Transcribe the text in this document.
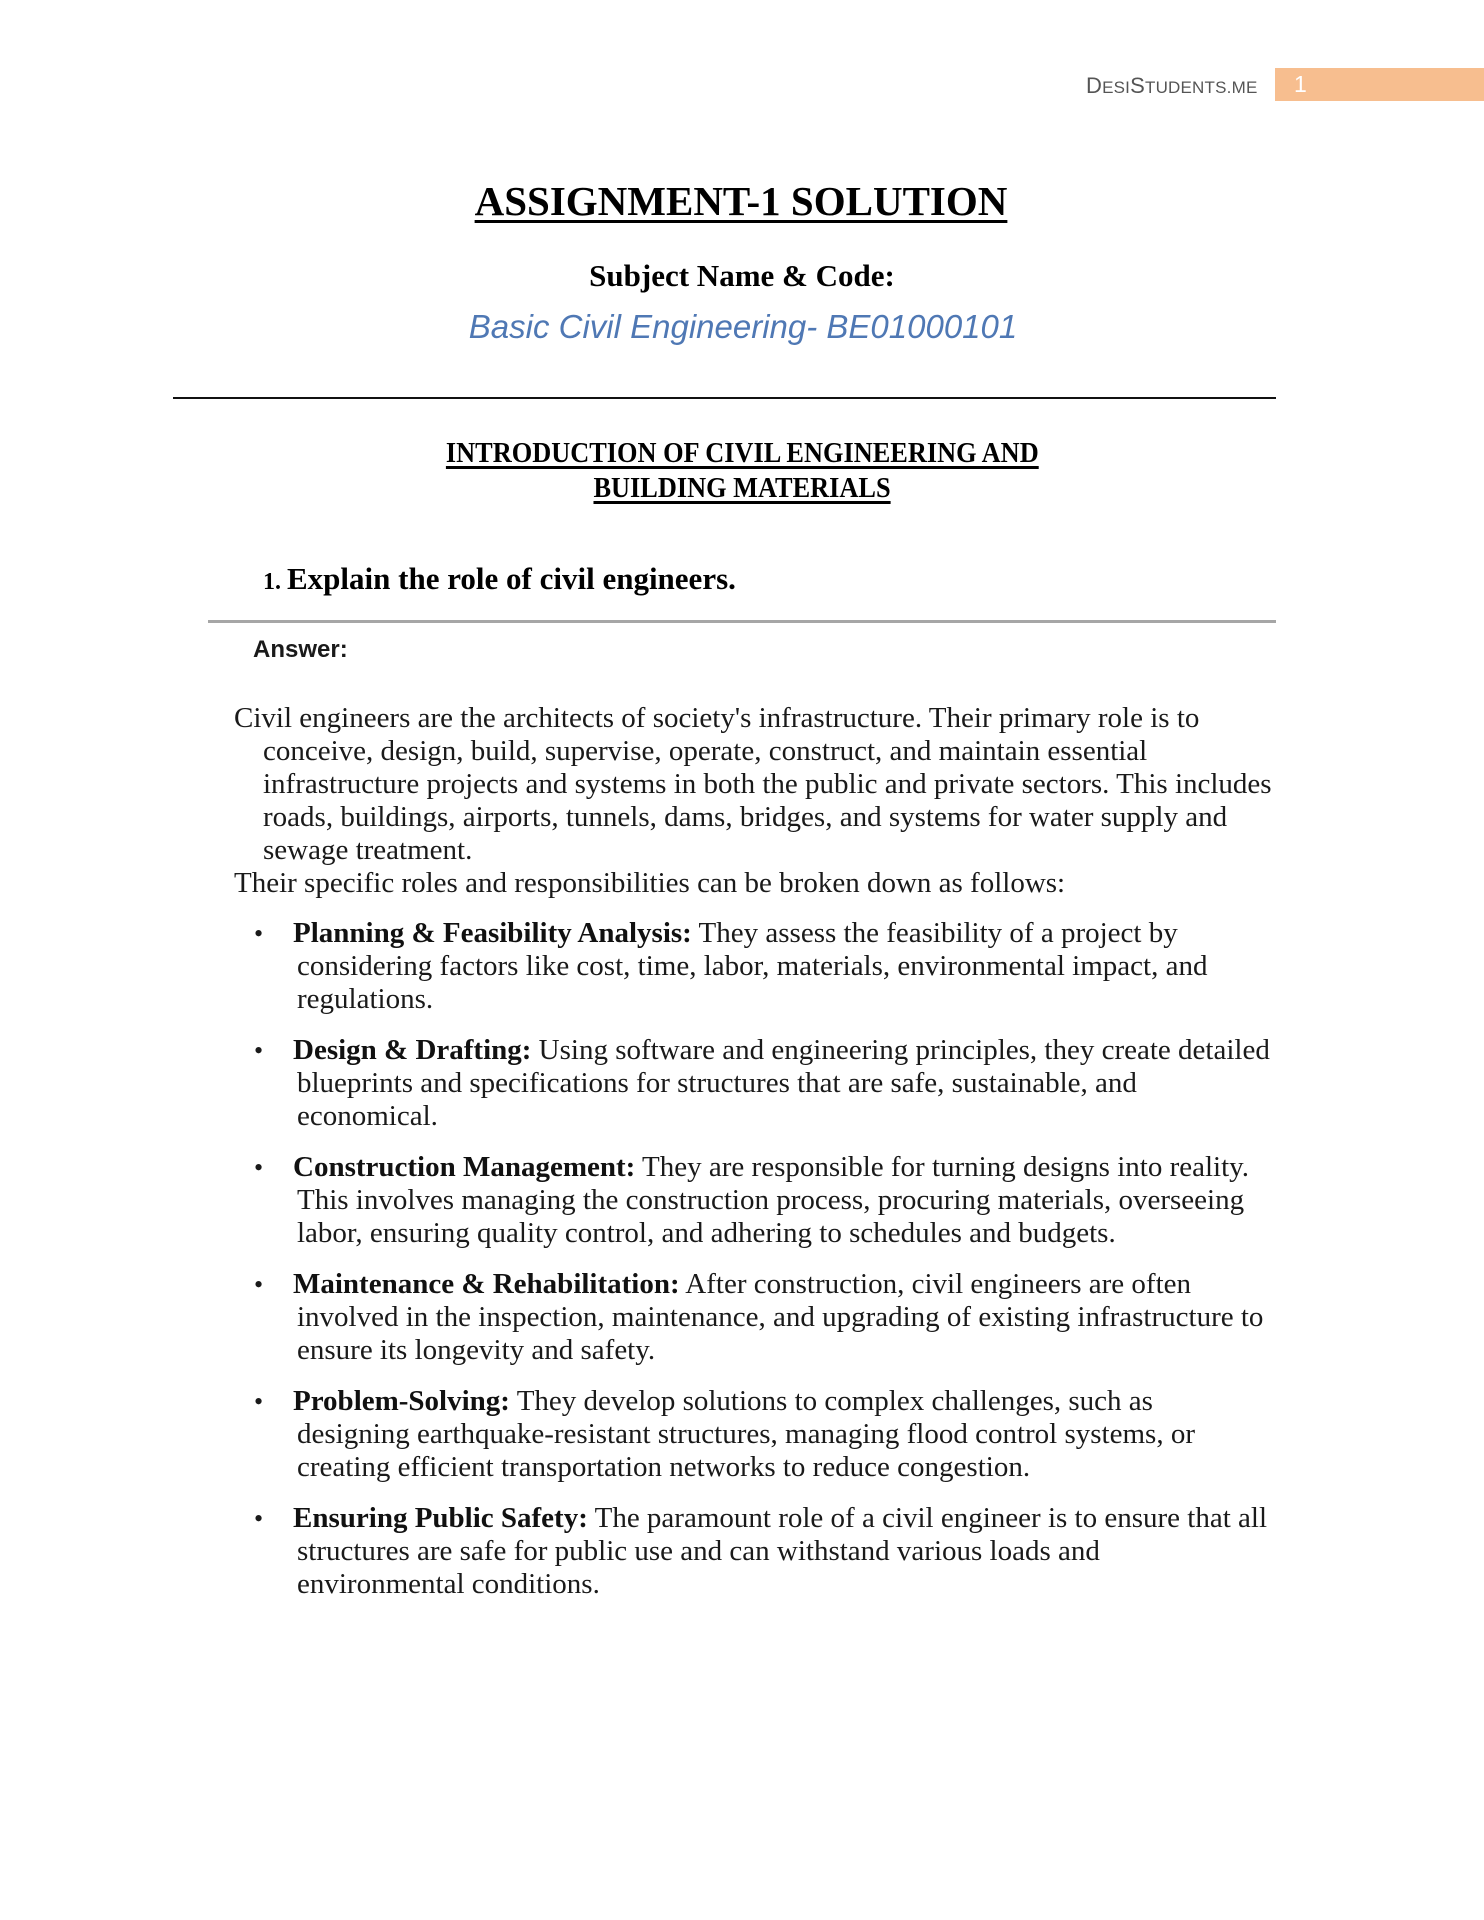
DESISTUDENTS.ME 1
ASSIGNMENT-1 SOLUTION
Subject Name & Code:
Basic Civil Engineering- BE01000101
INTRODUCTION OF CIVIL ENGINEERING AND
BUILDING MATERIALS
1. Explain the role of civil engineers.
Answer:
Civil engineers are the architects of society's infrastructure. Their primary role is to
conceive, design, build, supervise, operate, construct, and maintain essential
infrastructure projects and systems in both the public and private sectors. This includes
roads, buildings, airports, tunnels, dams, bridges, and systems for water supply and
sewage treatment.
Their specific roles and responsibilities can be broken down as follows:
• Planning & Feasibility Analysis: They assess the feasibility of a project by
considering factors like cost, time, labor, materials, environmental impact, and
regulations.
• Design & Drafting: Using software and engineering principles, they create detailed
blueprints and specifications for structures that are safe, sustainable, and
economical.
• Construction Management: They are responsible for turning designs into reality.
This involves managing the construction process, procuring materials, overseeing
labor, ensuring quality control, and adhering to schedules and budgets.
• Maintenance & Rehabilitation: After construction, civil engineers are often
involved in the inspection, maintenance, and upgrading of existing infrastructure to
ensure its longevity and safety.
• Problem-Solving: They develop solutions to complex challenges, such as
designing earthquake-resistant structures, managing flood control systems, or
creating efficient transportation networks to reduce congestion.
• Ensuring Public Safety: The paramount role of a civil engineer is to ensure that all
structures are safe for public use and can withstand various loads and
environmental conditions.
